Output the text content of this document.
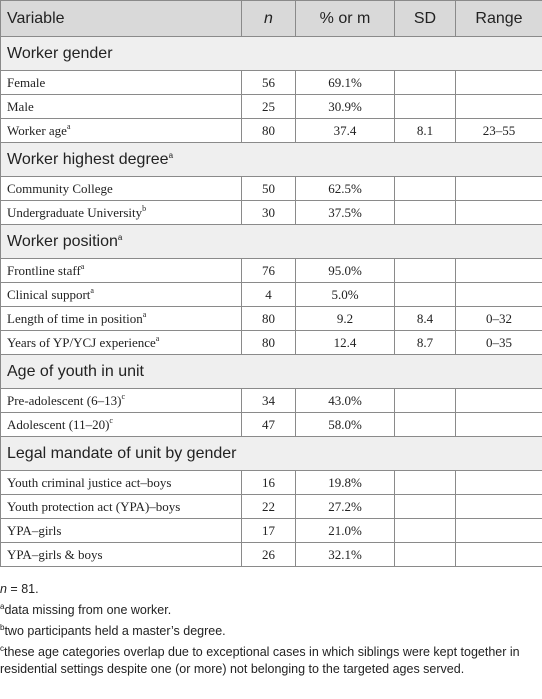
Variable	n	% or m	SD	Range
Worker gender				
Female	56	69.1%		
Male	25	30.9%		
Worker age$^a$	80	37.4	8.1	23–55
Worker highest degree$^a$
Community College	50	62.5%		
Undergraduate University$^b$	30	37.5%		
Worker position$^a$
Frontline staff$^a$	76	95.0%		
Clinical support$^a$	4	5.0%		
Length of time in position$^a$	80	9.2	8.4	0–32
Years of YP/YCJ experience$^a$	80	12.4	8.7	0–35
Age of youth in unit				
Pre-adolescent $(6-13)^c$	34	43.0%		
Adolescent $(11-20)^c$	47	58.0%		
Legal mandate of unit by gender				
Youth criminal justice act–boys	16	19.8%		
Youth protection act (YPA)–boys	22	27.2%		
YPA–girls	17	21.0%		
YPA–girls & boys	26	32.1%		

n = 81.

$^a$data missing from one worker.

$^b$two participants held a master’s degree.

$^c$these age categories overlap due to exceptional cases in which siblings were kept together in residential settings despite one (or more) not belonging to the targeted ages served.
